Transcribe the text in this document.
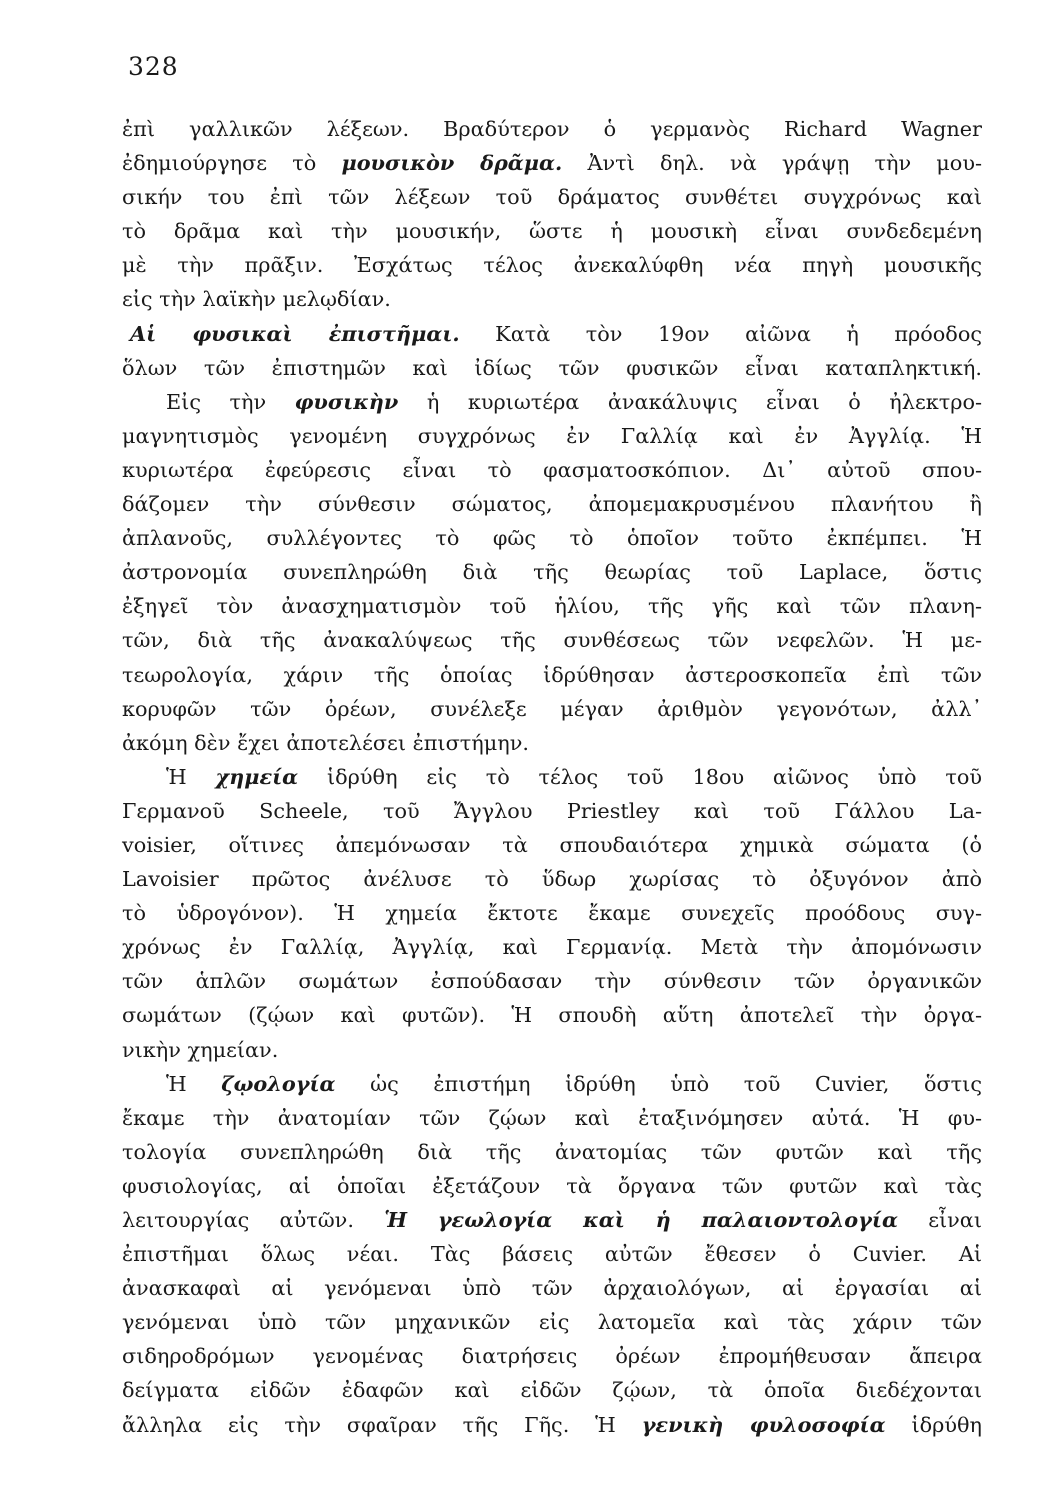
328
ἐπὶ γαλλικῶν λέξεων. Βραδύτερον ὁ γερμανὸς Richard Wagner
ἐδημιούργησε τὸ μουσικὸν δρᾶμα. Ἀντὶ δηλ. νὰ γράψῃ τὴν μου-
σικήν του ἐπὶ τῶν λέξεων τοῦ δράματος συνθέτει συγχρόνως καὶ
τὸ δρᾶμα καὶ τὴν μουσικήν, ὥστε ἡ μουσικὴ εἶναι συνδεδεμένη
μὲ τὴν πρᾶξιν. Ἐσχάτως τέλος ἀνεκαλύφθη νέα πηγὴ μουσικῆς
εἰς τὴν λαϊκὴν μελῳδίαν.
Αἱ φυσικαὶ ἐπιστῆμαι. Κατὰ τὸν 19ον αἰῶνα ἡ πρόοδος
ὅλων τῶν ἐπιστημῶν καὶ ἰδίως τῶν φυσικῶν εἶναι καταπληκτική.
Εἰς τὴν φυσικὴν ἡ κυριωτέρα ἀνακάλυψις εἶναι ὁ ἠλεκτρο-
μαγνητισμὸς γενομένη συγχρόνως ἐν Γαλλίᾳ καὶ ἐν Ἀγγλίᾳ. Ἡ
κυριωτέρα ἐφεύρεσις εἶναι τὸ φασματοσκόπιον. Δι᾽ αὐτοῦ σπου-
δάζομεν τὴν σύνθεσιν σώματος, ἀπομεμακρυσμένου πλανήτου ἢ
ἀπλανοῦς, συλλέγοντες τὸ φῶς τὸ ὁποῖον τοῦτο ἐκπέμπει. Ἡ
ἀστρονομία συνεπληρώθη διὰ τῆς θεωρίας τοῦ Laplace, ὅστις
ἐξηγεῖ τὸν ἀνασχηματισμὸν τοῦ ἡλίου, τῆς γῆς καὶ τῶν πλανη-
τῶν, διὰ τῆς ἀνακαλύψεως τῆς συνθέσεως τῶν νεφελῶν. Ἡ με-
τεωρολογία, χάριν τῆς ὁποίας ἱδρύθησαν ἀστεροσκοπεῖα ἐπὶ τῶν
κορυφῶν τῶν ὀρέων, συνέλεξε μέγαν ἀριθμὸν γεγονότων, ἀλλ᾽
ἀκόμη δὲν ἔχει ἀποτελέσει ἐπιστήμην.
Ἡ χημεία ἱδρύθη εἰς τὸ τέλος τοῦ 18ου αἰῶνος ὑπὸ τοῦ
Γερμανοῦ Scheele, τοῦ Ἄγγλου Priestley καὶ τοῦ Γάλλου La-
voisier, οἵτινες ἀπεμόνωσαν τὰ σπουδαιότερα χημικὰ σώματα (ὁ
Lavoisier πρῶτος ἀνέλυσε τὸ ὕδωρ χωρίσας τὸ ὀξυγόνον ἀπὸ
τὸ ὑδρογόνον). Ἡ χημεία ἔκτοτε ἔκαμε συνεχεῖς προόδους συγ-
χρόνως ἐν Γαλλίᾳ, Ἀγγλίᾳ, καὶ Γερμανίᾳ. Μετὰ τὴν ἀπομόνωσιν
τῶν ἁπλῶν σωμάτων ἐσπούδασαν τὴν σύνθεσιν τῶν ὀργανικῶν
σωμάτων (ζῴων καὶ φυτῶν). Ἡ σπουδὴ αὕτη ἀποτελεῖ τὴν ὀργα-
νικὴν χημείαν.
Ἡ ζῳολογία ὡς ἐπιστήμη ἱδρύθη ὑπὸ τοῦ Cuvier, ὅστις
ἔκαμε τὴν ἀνατομίαν τῶν ζῴων καὶ ἐταξινόμησεν αὐτά. Ἡ φυ-
τολογία συνεπληρώθη διὰ τῆς ἀνατομίας τῶν φυτῶν καὶ τῆς
φυσιολογίας, αἱ ὁποῖαι ἐξετάζουν τὰ ὄργανα τῶν φυτῶν καὶ τὰς
λειτουργίας αὐτῶν. Ἡ γεωλογία καὶ ἡ παλαιοντολογία εἶναι
ἐπιστῆμαι ὅλως νέαι. Τὰς βάσεις αὐτῶν ἔθεσεν ὁ Cuvier. Αἱ
ἀνασκαφαὶ αἱ γενόμεναι ὑπὸ τῶν ἀρχαιολόγων, αἱ ἐργασίαι αἱ
γενόμεναι ὑπὸ τῶν μηχανικῶν εἰς λατομεῖα καὶ τὰς χάριν τῶν
σιδηροδρόμων γενομένας διατρήσεις ὀρέων ἐπρομήθευσαν ἄπειρα
δείγματα εἰδῶν ἐδαφῶν καὶ εἰδῶν ζῴων, τὰ ὁποῖα διεδέχονται
ἄλληλα εἰς τὴν σφαῖραν τῆς Γῆς. Ἡ γενικὴ φυλοσοφία ἱδρύθη
